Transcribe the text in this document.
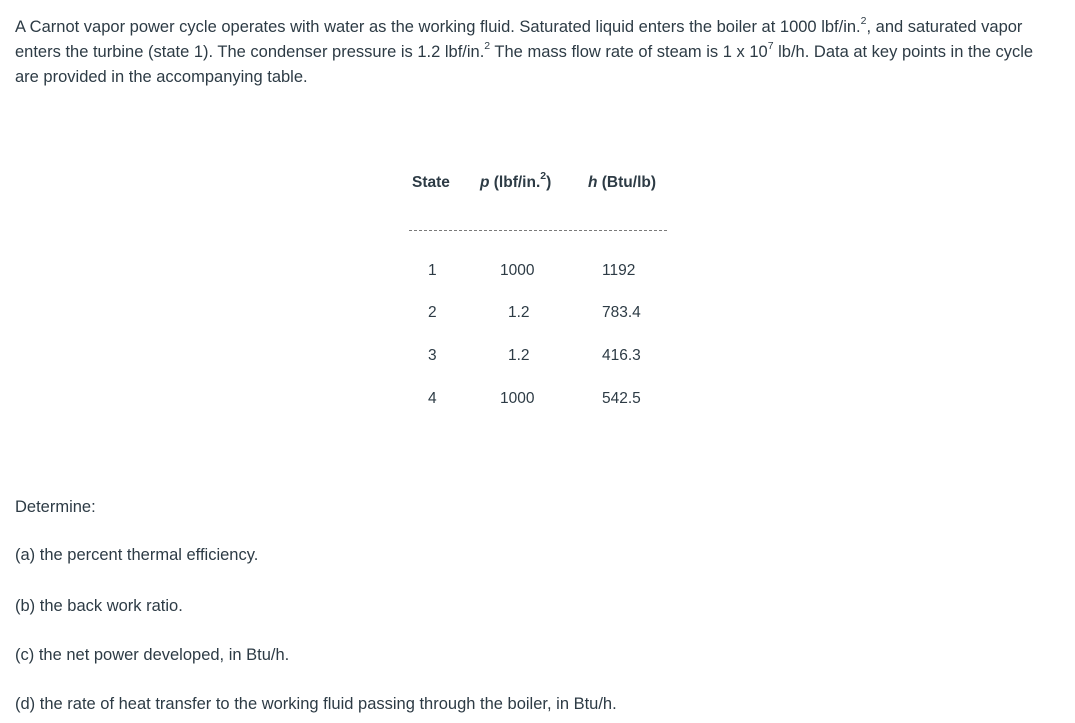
A Carnot vapor power cycle operates with water as the working fluid. Saturated liquid enters the boiler at 1000 lbf/in.$^2$, and saturated vapor enters the turbine (state 1). The condenser pressure is 1.2 lbf/in.$^2$ The mass flow rate of steam is 1 x $10^7$ lb/h. Data at key points in the cycle are provided in the accompanying table.

State p (lbf/in.$^2$) h (Btu/lb)
1	1000	1192
2	1.2	783.4
3	1.2	416.3
4	1000	542.5

Determine:

(a) the percent thermal efficiency.

(b) the back work ratio.

(c) the net power developed, in Btu/h.

(d) the rate of heat transfer to the working fluid passing through the boiler, in Btu/h.
